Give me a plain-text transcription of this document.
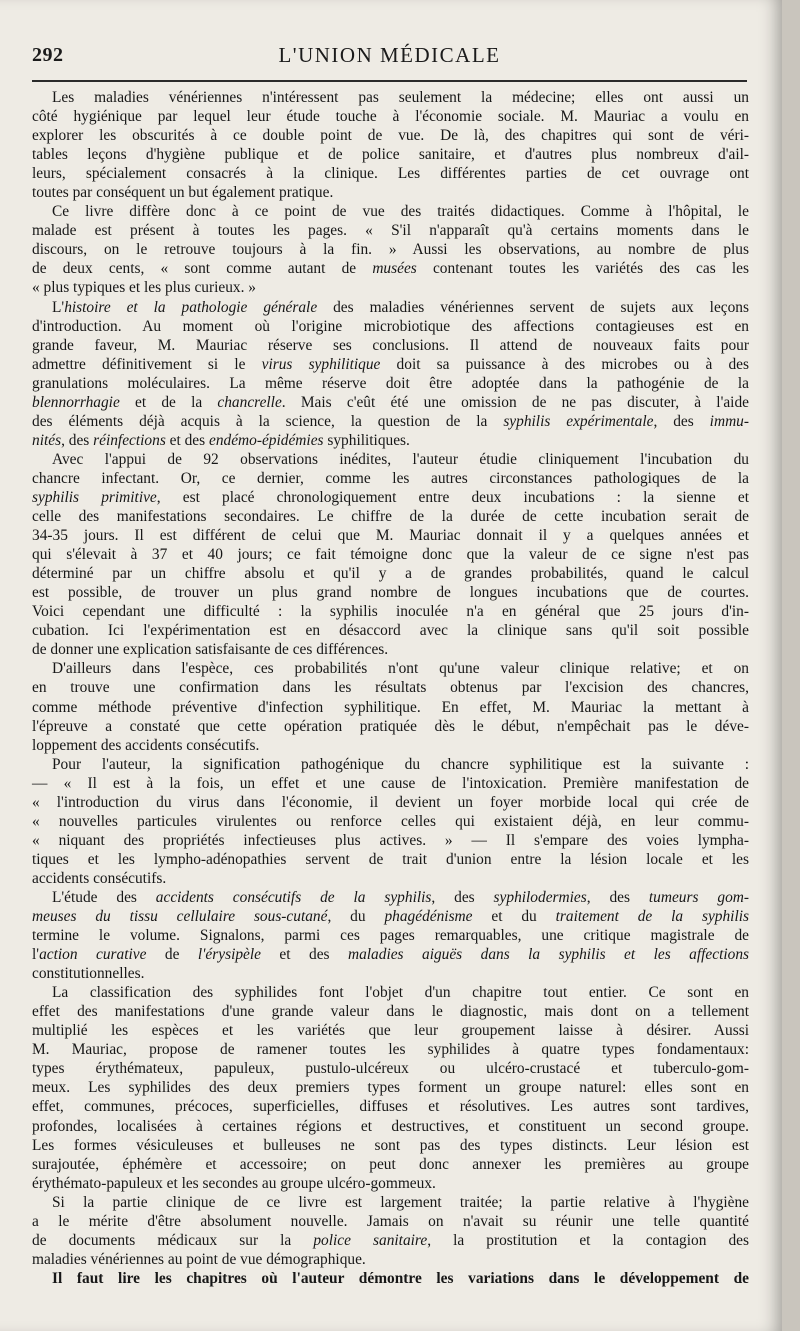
292	L'UNION MÉDICALE
Les maladies vénériennes n'intéressent pas seulement la médecine; elles ont aussi un
côté hygiénique par lequel leur étude touche à l'économie sociale. M. Mauriac a voulu en
explorer les obscurités à ce double point de vue. De là, des chapitres qui sont de véri-
tables leçons d'hygiène publique et de police sanitaire, et d'autres plus nombreux d'ail-
leurs, spécialement consacrés à la clinique. Les différentes parties de cet ouvrage ont
toutes par conséquent un but également pratique.
Ce livre diffère donc à ce point de vue des traités didactiques. Comme à l'hôpital, le
malade est présent à toutes les pages. « S'il n'apparaît qu'à certains moments dans le
discours, on le retrouve toujours à la fin. » Aussi les observations, au nombre de plus
de deux cents, « sont comme autant de musées contenant toutes les variétés des cas les
« plus typiques et les plus curieux. »
L'histoire et la pathologie générale des maladies vénériennes servent de sujets aux leçons
d'introduction. Au moment où l'origine microbiotique des affections contagieuses est en
grande faveur, M. Mauriac réserve ses conclusions. Il attend de nouveaux faits pour
admettre définitivement si le virus syphilitique doit sa puissance à des microbes ou à des
granulations moléculaires. La même réserve doit être adoptée dans la pathogénie de la
blennorrhagie et de la chancrelle. Mais c'eût été une omission de ne pas discuter, à l'aide
des éléments déjà acquis à la science, la question de la syphilis expérimentale, des immu-
nités, des réinfections et des endémo-épidémies syphilitiques.
Avec l'appui de 92 observations inédites, l'auteur étudie cliniquement l'incubation du
chancre infectant. Or, ce dernier, comme les autres circonstances pathologiques de la
syphilis primitive, est placé chronologiquement entre deux incubations : la sienne et
celle des manifestations secondaires. Le chiffre de la durée de cette incubation serait de
34-35 jours. Il est différent de celui que M. Mauriac donnait il y a quelques années et
qui s'élevait à 37 et 40 jours; ce fait témoigne donc que la valeur de ce signe n'est pas
déterminé par un chiffre absolu et qu'il y a de grandes probabilités, quand le calcul
est possible, de trouver un plus grand nombre de longues incubations que de courtes.
Voici cependant une difficulté : la syphilis inoculée n'a en général que 25 jours d'in-
cubation. Ici l'expérimentation est en désaccord avec la clinique sans qu'il soit possible
de donner une explication satisfaisante de ces différences.
D'ailleurs dans l'espèce, ces probabilités n'ont qu'une valeur clinique relative; et on
en trouve une confirmation dans les résultats obtenus par l'excision des chancres,
comme méthode préventive d'infection syphilitique. En effet, M. Mauriac la mettant à
l'épreuve a constaté que cette opération pratiquée dès le début, n'empêchait pas le déve-
loppement des accidents consécutifs.
Pour l'auteur, la signification pathogénique du chancre syphilitique est la suivante :
— « Il est à la fois, un effet et une cause de l'intoxication. Première manifestation de
« l'introduction du virus dans l'économie, il devient un foyer morbide local qui crée de
« nouvelles particules virulentes ou renforce celles qui existaient déjà, en leur commu-
« niquant des propriétés infectieuses plus actives. » — Il s'empare des voies lympha-
tiques et les lympho-adénopathies servent de trait d'union entre la lésion locale et les
accidents consécutifs.
L'étude des accidents consécutifs de la syphilis, des syphilodermies, des tumeurs gom-
meuses du tissu cellulaire sous-cutané, du phagédénisme et du traitement de la syphilis
termine le volume. Signalons, parmi ces pages remarquables, une critique magistrale de
l'action curative de l'érysipèle et des maladies aiguës dans la syphilis et les affections
constitutionnelles.
La classification des syphilides font l'objet d'un chapitre tout entier. Ce sont en
effet des manifestations d'une grande valeur dans le diagnostic, mais dont on a tellement
multiplié les espèces et les variétés que leur groupement laisse à désirer. Aussi
M. Mauriac, propose de ramener toutes les syphilides à quatre types fondamentaux:
types érythémateux, papuleux, pustulo-ulcéreux ou ulcéro-crustacé et tuberculo-gom-
meux. Les syphilides des deux premiers types forment un groupe naturel: elles sont en
effet, communes, précoces, superficielles, diffuses et résolutives. Les autres sont tardives,
profondes, localisées à certaines régions et destructives, et constituent un second groupe.
Les formes vésiculeuses et bulleuses ne sont pas des types distincts. Leur lésion est
surajoutée, éphémère et accessoire; on peut donc annexer les premières au groupe
érythémato-papuleux et les secondes au groupe ulcéro-gommeux.
Si la partie clinique de ce livre est largement traitée; la partie relative à l'hygiène
a le mérite d'être absolument nouvelle. Jamais on n'avait su réunir une telle quantité
de documents médicaux sur la police sanitaire, la prostitution et la contagion des
maladies vénériennes au point de vue démographique.
Il faut lire les chapitres où l'auteur démontre les variations dans le développement de
